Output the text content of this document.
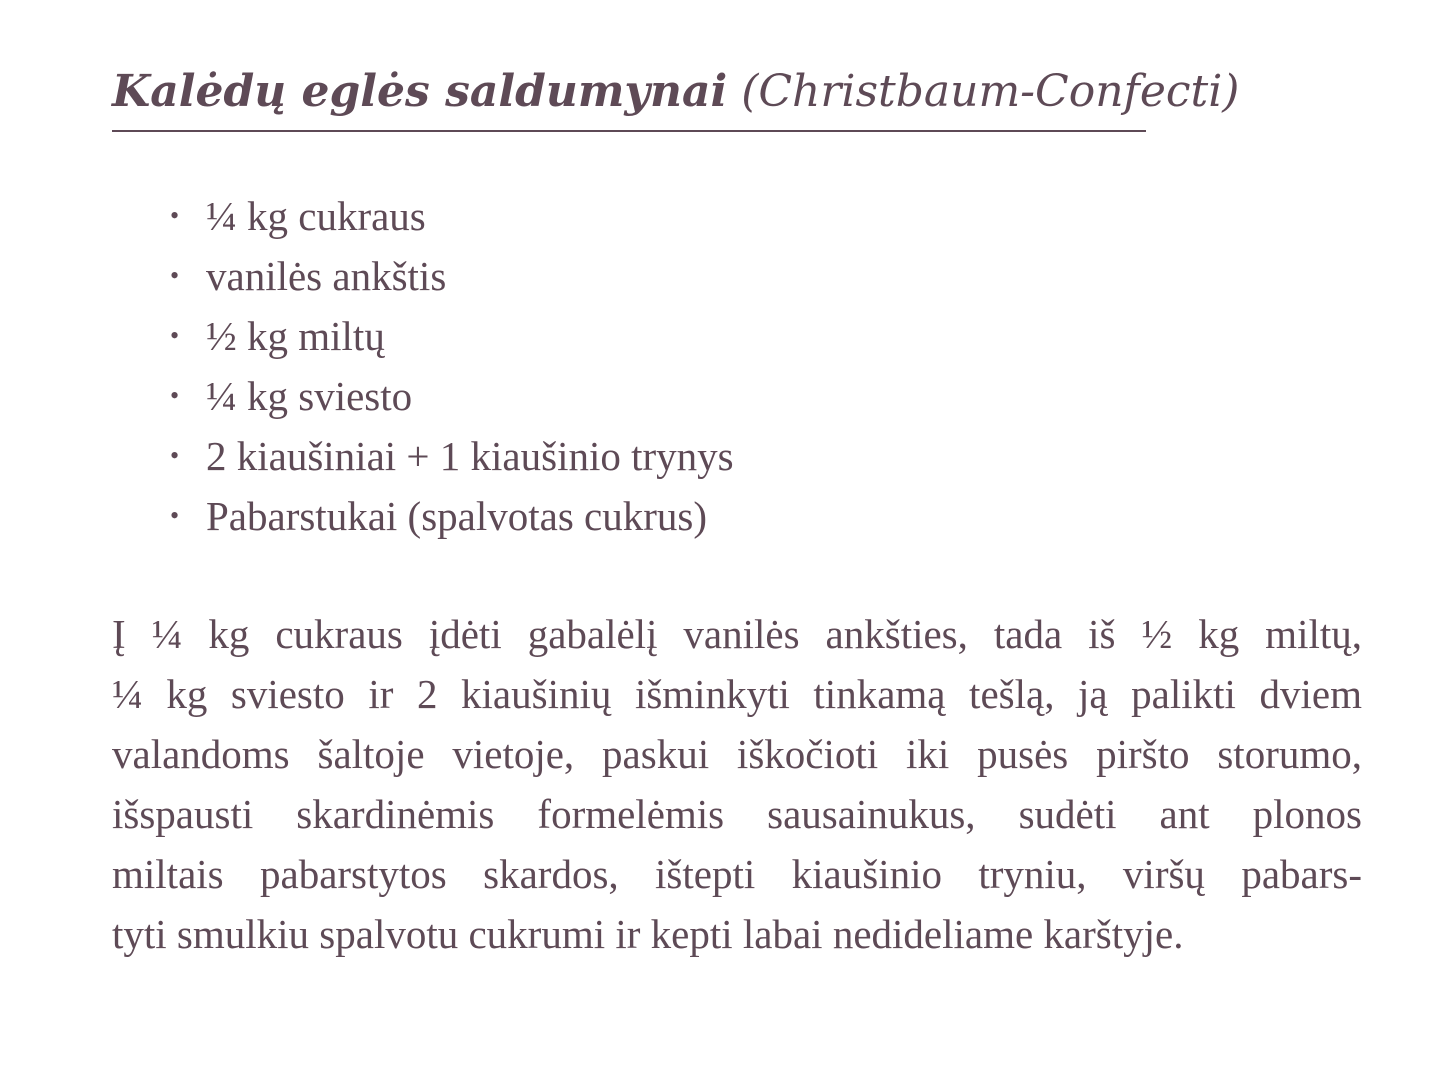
Kalėdų eglės saldumynai (Christbaum-Confecti)
• ¼ kg cukraus
• vanilės ankštis
• ½ kg miltų
• ¼ kg sviesto
• 2 kiaušiniai + 1 kiaušinio trynys
• Pabarstukai (spalvotas cukrus)

Į ¼ kg cukraus įdėti gabalėlį vanilės ankšties, tada iš ½ kg miltų,
¼ kg sviesto ir 2 kiaušinių išminkyti tinkamą tešlą, ją palikti dviem
valandoms šaltoje vietoje, paskui iškočioti iki pusės piršto storumo,
išspausti skardinėmis formelėmis sausainukus, sudėti ant plonos
miltais pabarstytos skardos, ištepti kiaušinio tryniu, viršų pabars-
tyti smulkiu spalvotu cukrumi ir kepti labai nedideliame karštyje.
